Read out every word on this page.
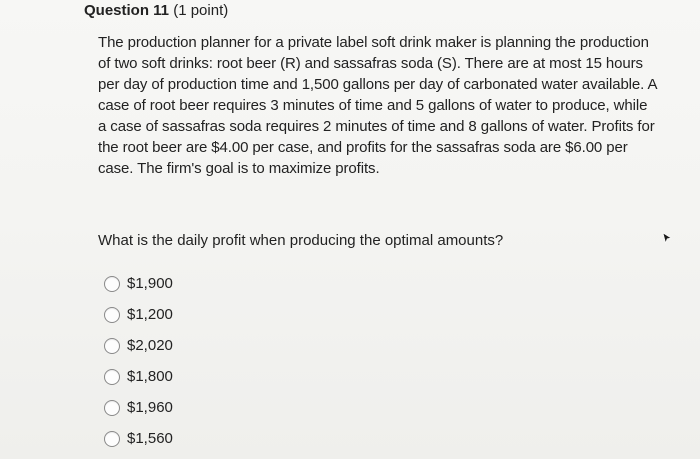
Question 11 (1 point)

The production planner for a private label soft drink maker is planning the production of two soft drinks: root beer (R) and sassafras soda (S). There are at most 15 hours per day of production time and 1,500 gallons per day of carbonated water available. A case of root beer requires 3 minutes of time and 5 gallons of water to produce, while a case of sassafras soda requires 2 minutes of time and 8 gallons of water. Profits for the root beer are $4.00 per case, and profits for the sassafras soda are $6.00 per case. The firm's goal is to maximize profits.

What is the daily profit when producing the optimal amounts?
$1,900
$1,200
$2,020
$1,800
$1,960
$1,560
